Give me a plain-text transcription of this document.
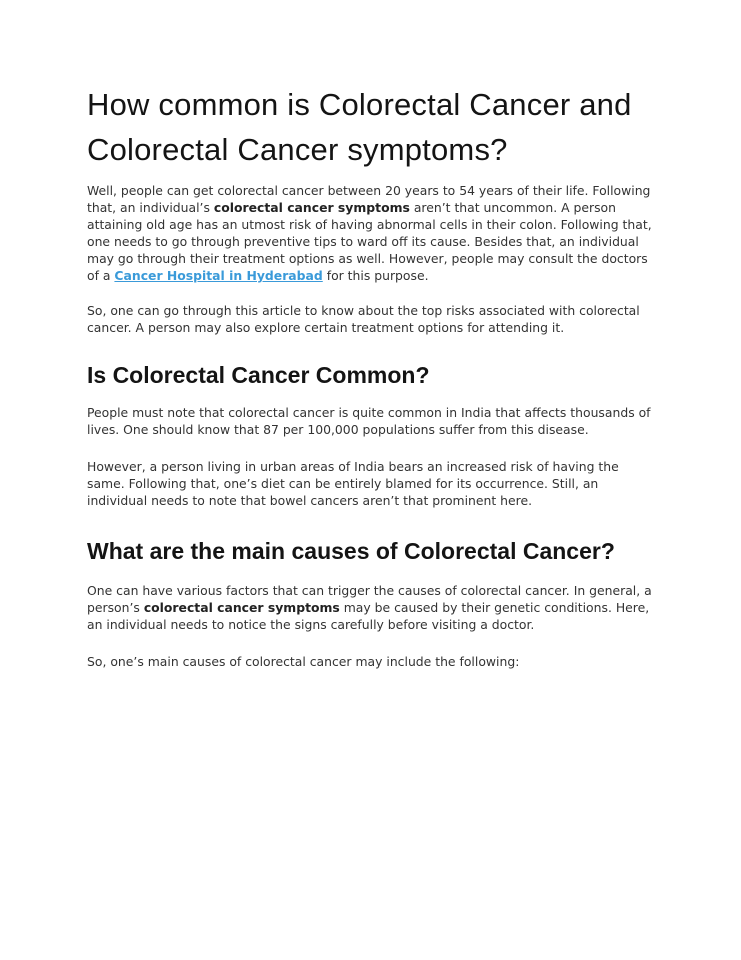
How common is Colorectal Cancer and Colorectal Cancer symptoms?

Well, people can get colorectal cancer between 20 years to 54 years of their life. Following that, an individual’s colorectal cancer symptoms aren’t that uncommon. A person attaining old age has an utmost risk of having abnormal cells in their colon. Following that, one needs to go through preventive tips to ward off its cause. Besides that, an individual may go through their treatment options as well. However, people may consult the doctors of a Cancer Hospital in Hyderabad for this purpose.

So, one can go through this article to know about the top risks associated with colorectal cancer. A person may also explore certain treatment options for attending it.

Is Colorectal Cancer Common?

People must note that colorectal cancer is quite common in India that affects thousands of lives. One should know that 87 per 100,000 populations suffer from this disease.

However, a person living in urban areas of India bears an increased risk of having the same. Following that, one’s diet can be entirely blamed for its occurrence. Still, an individual needs to note that bowel cancers aren’t that prominent here.

What are the main causes of Colorectal Cancer?

One can have various factors that can trigger the causes of colorectal cancer. In general, a person’s colorectal cancer symptoms may be caused by their genetic conditions. Here, an individual needs to notice the signs carefully before visiting a doctor.

So, one’s main causes of colorectal cancer may include the following:
